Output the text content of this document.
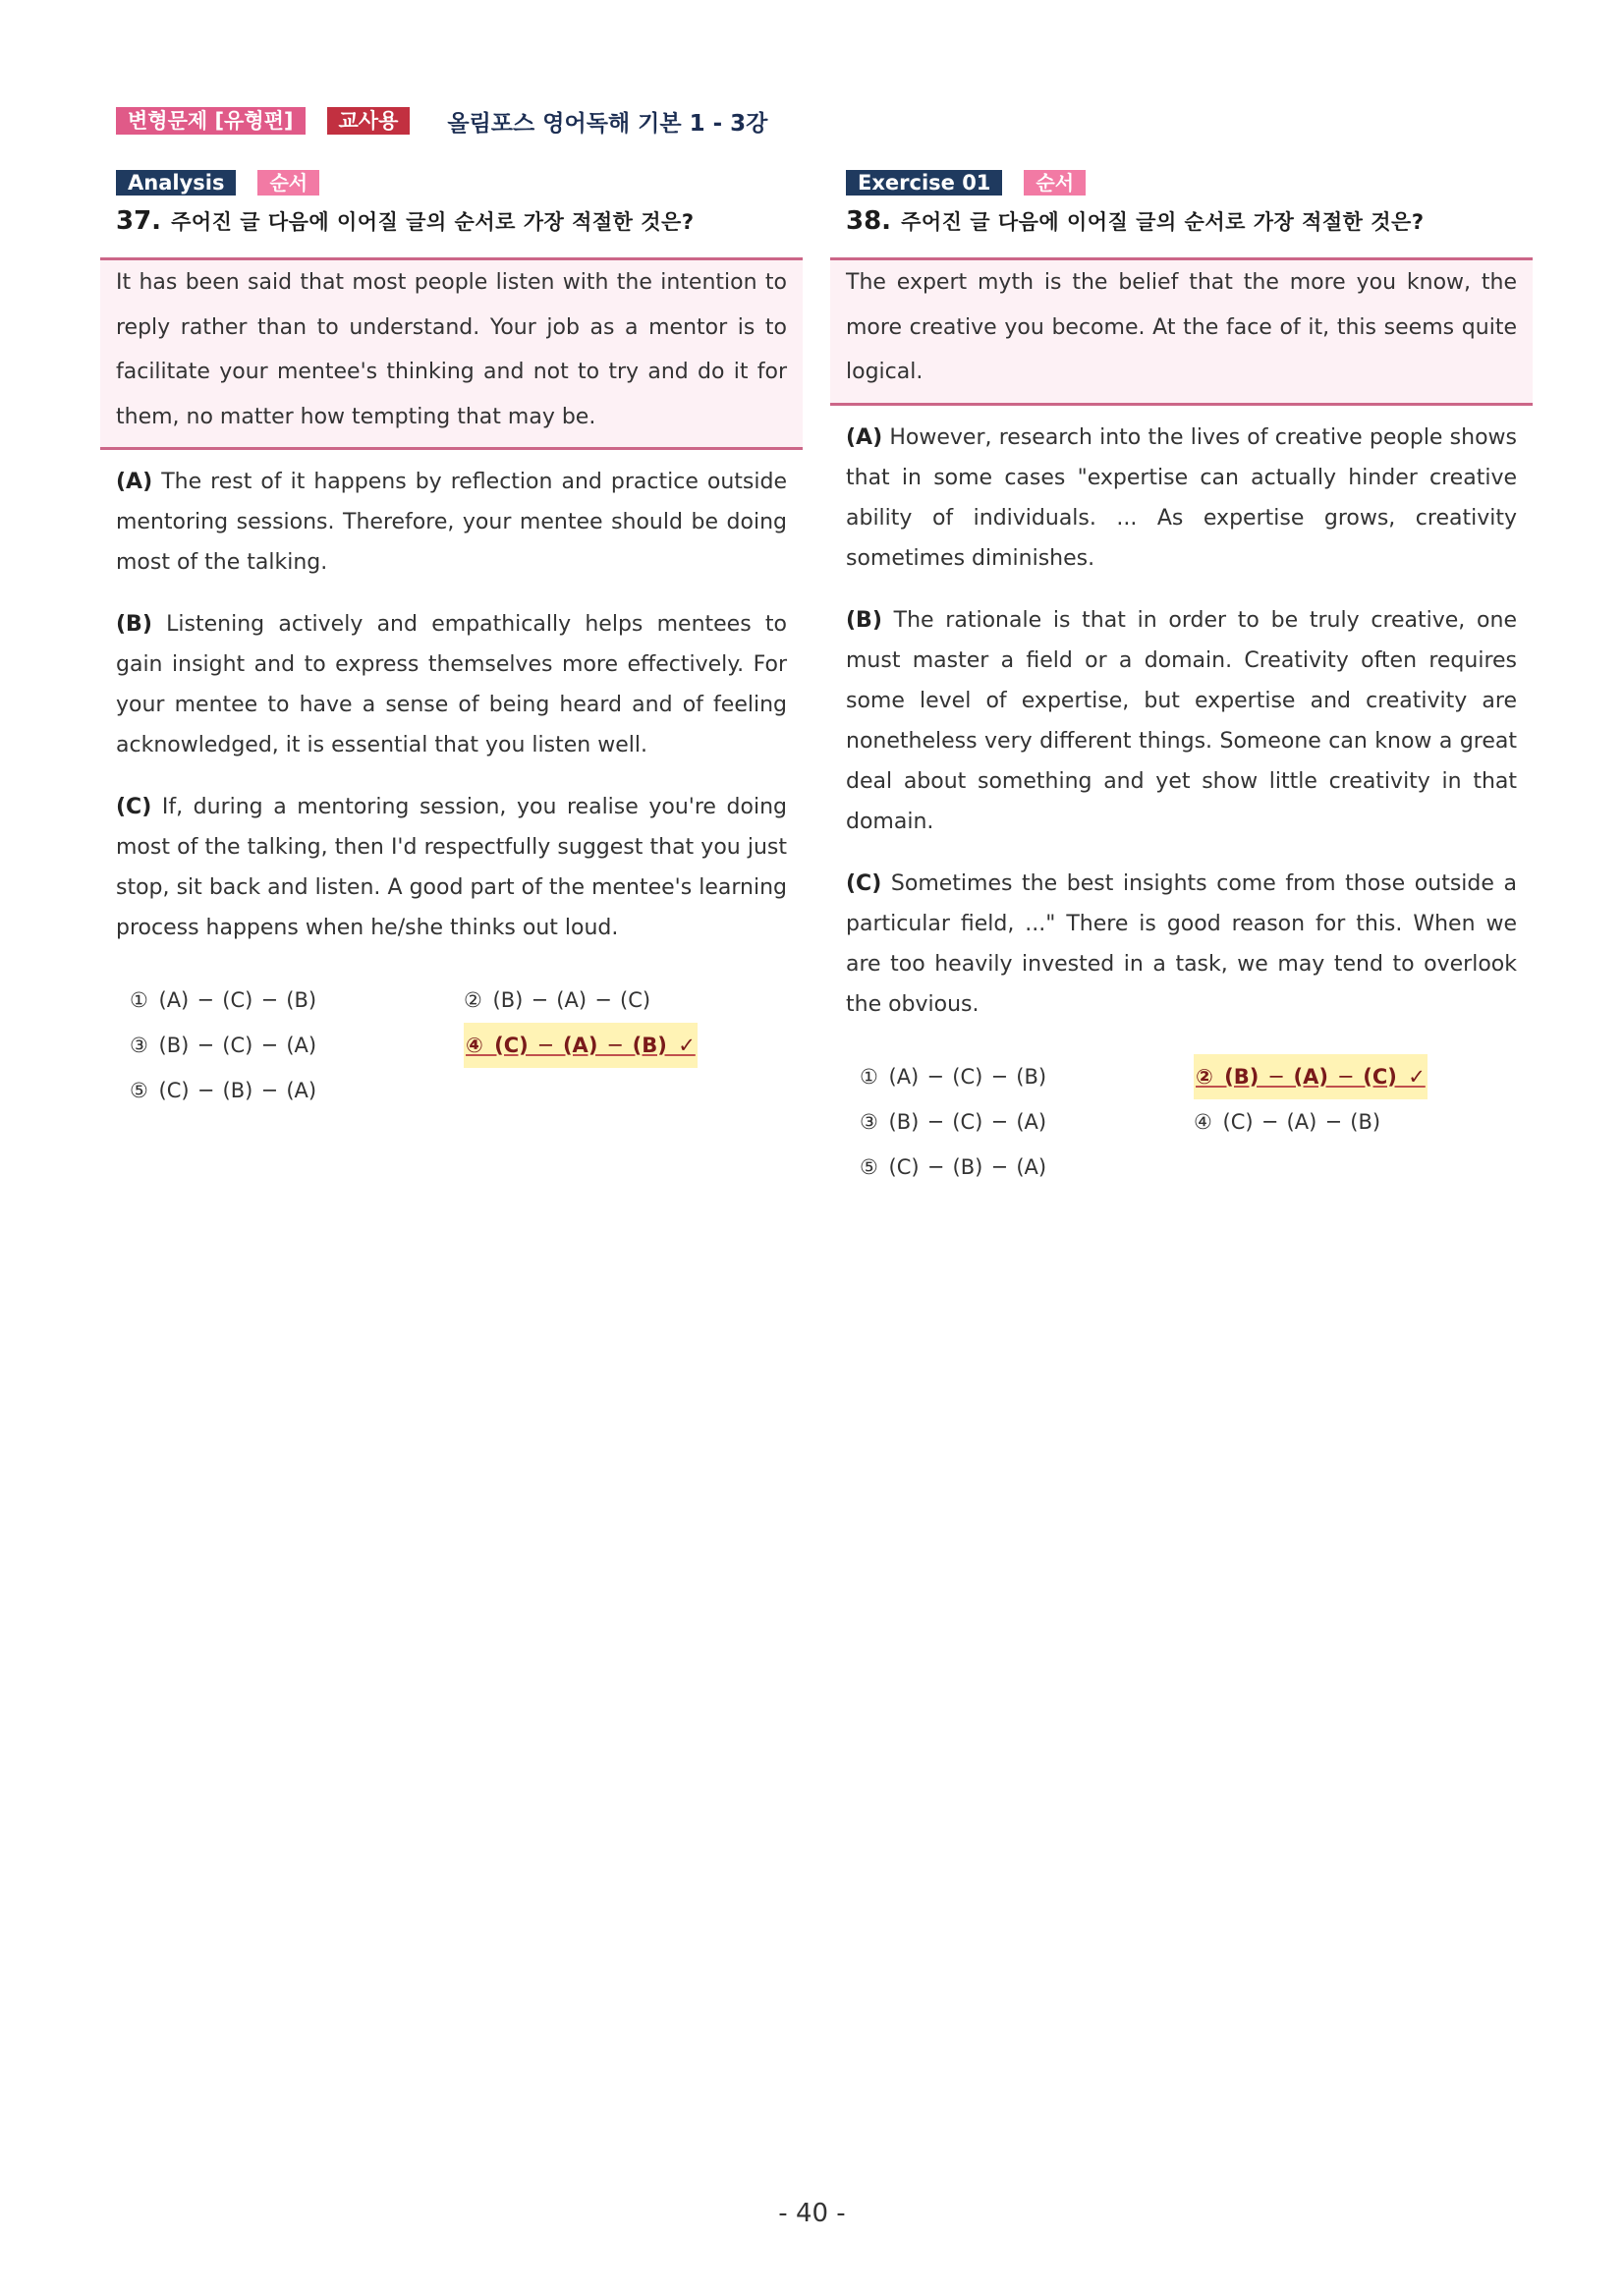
변형문제 [유형편]	교사용	올림포스 영어독해 기본 1 - 3강
Analysis	순서
37. 주어진 글 다음에 이어질 글의 순서로 가장 적절한 것은?

It has been said that most people listen with the intention to reply rather than to understand. Your job as a mentor is to facilitate your mentee's thinking and not to try and do it for them, no matter how tempting that may be.

(A) The rest of it happens by reflection and practice outside mentoring sessions. Therefore, your mentee should be doing most of the talking.
(B) Listening actively and empathically helps mentees to gain insight and to express themselves more effectively. For your mentee to have a sense of being heard and of feeling acknowledged, it is essential that you listen well.
(C) If, during a mentoring session, you realise you're doing most of the talking, then I'd respectfully suggest that you just stop, sit back and listen. A good part of the mentee's learning process happens when he/she thinks out loud.
① (A) ─ (C) ─ (B)	② (B) ─ (A) ─ (C)
③ (B) ─ (C) ─ (A)	④ (C) ─ (A) ─ (B) ✓
⑤ (C) ─ (B) ─ (A)
Exercise 01	순서
38. 주어진 글 다음에 이어질 글의 순서로 가장 적절한 것은?

The expert myth is the belief that the more you know, the more creative you become. At the face of it, this seems quite logical.

(A) However, research into the lives of creative people shows that in some cases "expertise can actually hinder creative ability of individuals. ... As expertise grows, creativity sometimes diminishes.
(B) The rationale is that in order to be truly creative, one must master a field or a domain. Creativity often requires some level of expertise, but expertise and creativity are nonetheless very different things. Someone can know a great deal about something and yet show little creativity in that domain.
(C) Sometimes the best insights come from those outside a particular field, ..." There is good reason for this. When we are too heavily invested in a task, we may tend to overlook the obvious.
① (A) ─ (C) ─ (B)	② (B) ─ (A) ─ (C) ✓
③ (B) ─ (C) ─ (A)	④ (C) ─ (A) ─ (B)
⑤ (C) ─ (B) ─ (A)
- 40 -
